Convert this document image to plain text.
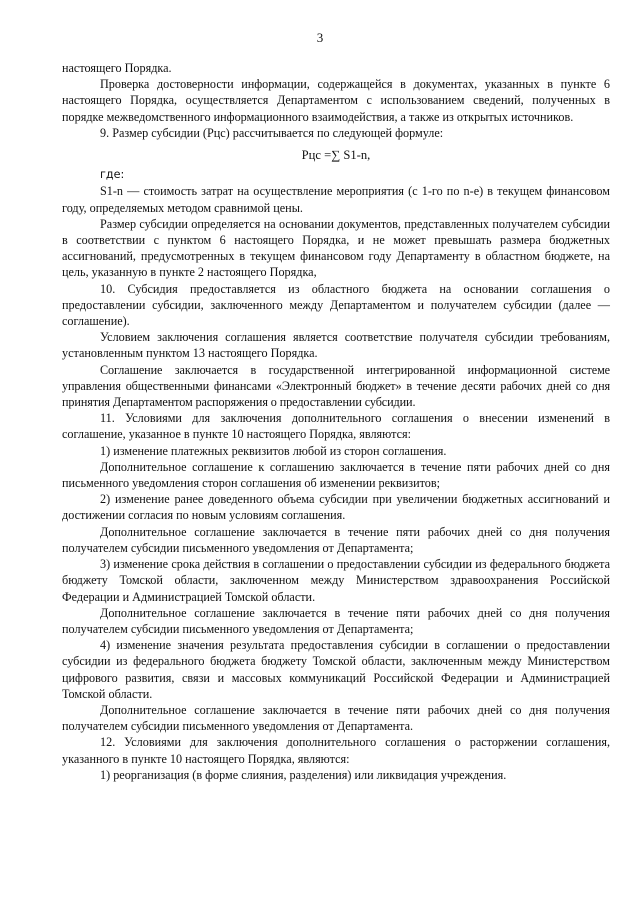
3

настоящего Порядка.

Проверка достоверности информации, содержащейся в документах, указанных в пункте 6 настоящего Порядка, осуществляется Департаментом с использованием сведений, полученных в порядке межведомственного информационного взаимодействия, а также из открытых источников.

9. Размер субсидии (Рцс) рассчитывается по следующей формуле:

Рцс =∑ S1-n,

где:

S1-n — стоимость затрат на осуществление мероприятия (с 1-го по n-е) в текущем финансовом году, определяемых методом сравнимой цены.

Размер субсидии определяется на основании документов, представленных получателем субсидии в соответствии с пунктом 6 настоящего Порядка, и не может превышать размера бюджетных ассигнований, предусмотренных в текущем финансовом году Департаменту в областном бюджете, на цель, указанную в пункте 2 настоящего Порядка,

10. Субсидия предоставляется из областного бюджета на основании соглашения о предоставлении субсидии, заключенного между Департаментом и получателем субсидии (далее — соглашение).

Условием заключения соглашения является соответствие получателя субсидии требованиям, установленным пунктом 13 настоящего Порядка.

Соглашение заключается в государственной интегрированной информационной системе управления общественными финансами «Электронный бюджет» в течение десяти рабочих дней со дня принятия Департаментом распоряжения о предоставлении субсидии.

11. Условиями для заключения дополнительного соглашения о внесении изменений в соглашение, указанное в пункте 10 настоящего Порядка, являются:

1) изменение платежных реквизитов любой из сторон соглашения.

Дополнительное соглашение к соглашению заключается в течение пяти рабочих дней со дня письменного уведомления сторон соглашения об изменении реквизитов;

2) изменение ранее доведенного объема субсидии при увеличении бюджетных ассигнований и достижении согласия по новым условиям соглашения.

Дополнительное соглашение заключается в течение пяти рабочих дней со дня получения получателем субсидии письменного уведомления от Департамента;

3) изменение срока действия в соглашении о предоставлении субсидии из федерального бюджета бюджету Томской области, заключенном между Министерством здравоохранения Российской Федерации и Администрацией Томской области.

Дополнительное соглашение заключается в течение пяти рабочих дней со дня получения получателем субсидии письменного уведомления от Департамента;

4) изменение значения результата предоставления субсидии в соглашении о предоставлении субсидии из федерального бюджета бюджету Томской области, заключенным между Министерством цифрового развития, связи и массовых коммуникаций Российской Федерации и Администрацией Томской области.

Дополнительное соглашение заключается в течение пяти рабочих дней со дня получения получателем субсидии письменного уведомления от Департамента.

12. Условиями для заключения дополнительного соглашения о расторжении соглашения, указанного в пункте 10 настоящего Порядка, являются:

1) реорганизация (в форме слияния, разделения) или ликвидация учреждения.
